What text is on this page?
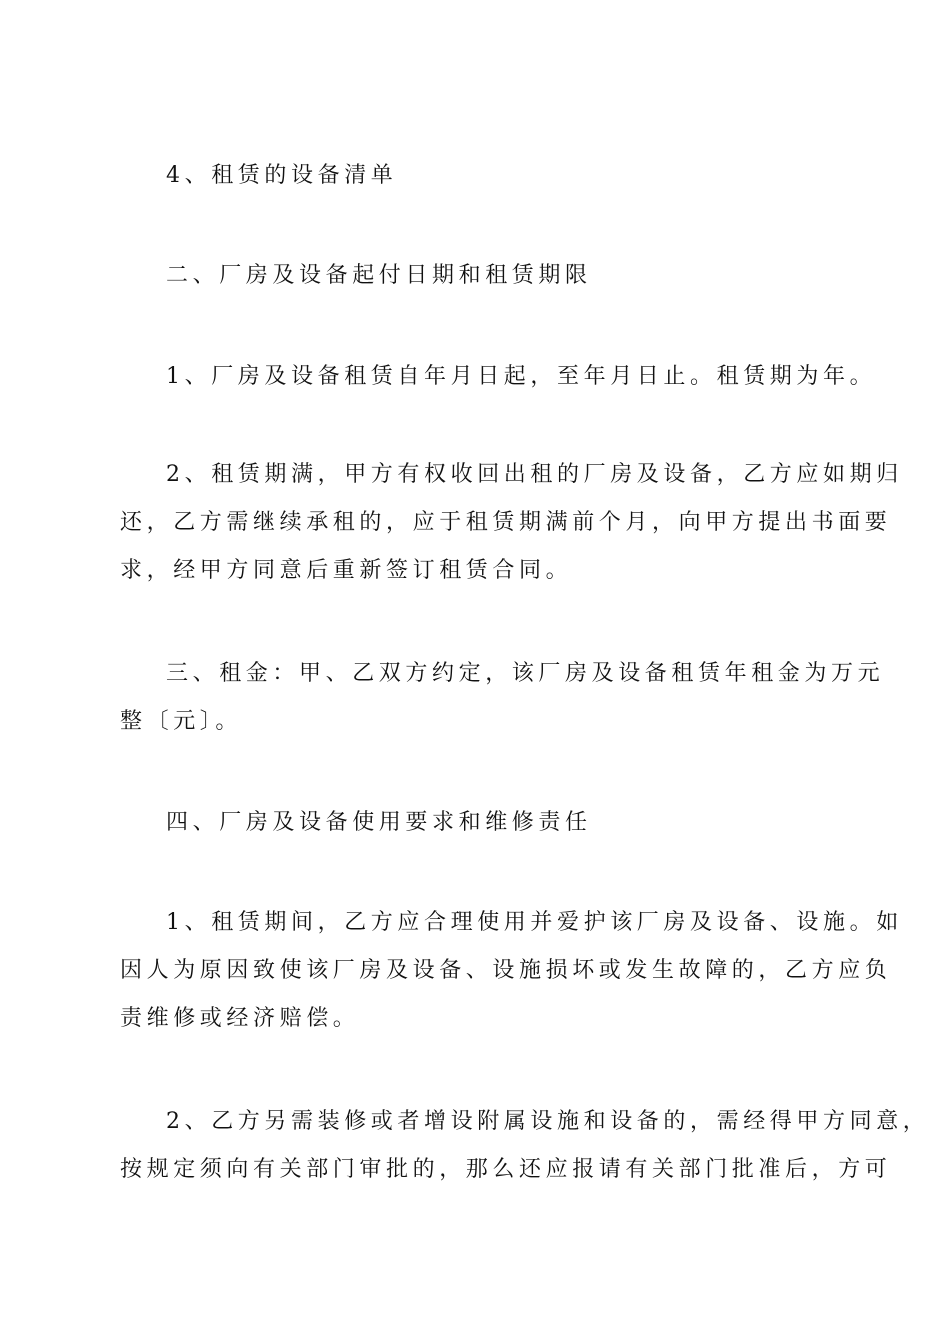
4、租赁的设备清单

二、厂房及设备起付日期和租赁期限

1、厂房及设备租赁自年月日起，至年月日止。租赁期为年。

2、租赁期满，甲方有权收回出租的厂房及设备，乙方应如期归
还，乙方需继续承租的，应于租赁期满前个月，向甲方提出书面要
求，经甲方同意后重新签订租赁合同。

三、租金：甲、乙双方约定，该厂房及设备租赁年租金为万元
整〔元〕。

四、厂房及设备使用要求和维修责任

1、租赁期间，乙方应合理使用并爱护该厂房及设备、设施。如
因人为原因致使该厂房及设备、设施损坏或发生故障的，乙方应负
责维修或经济赔偿。

2、乙方另需装修或者增设附属设施和设备的，需经得甲方同意，
按规定须向有关部门审批的，那么还应报请有关部门批准后，方可
